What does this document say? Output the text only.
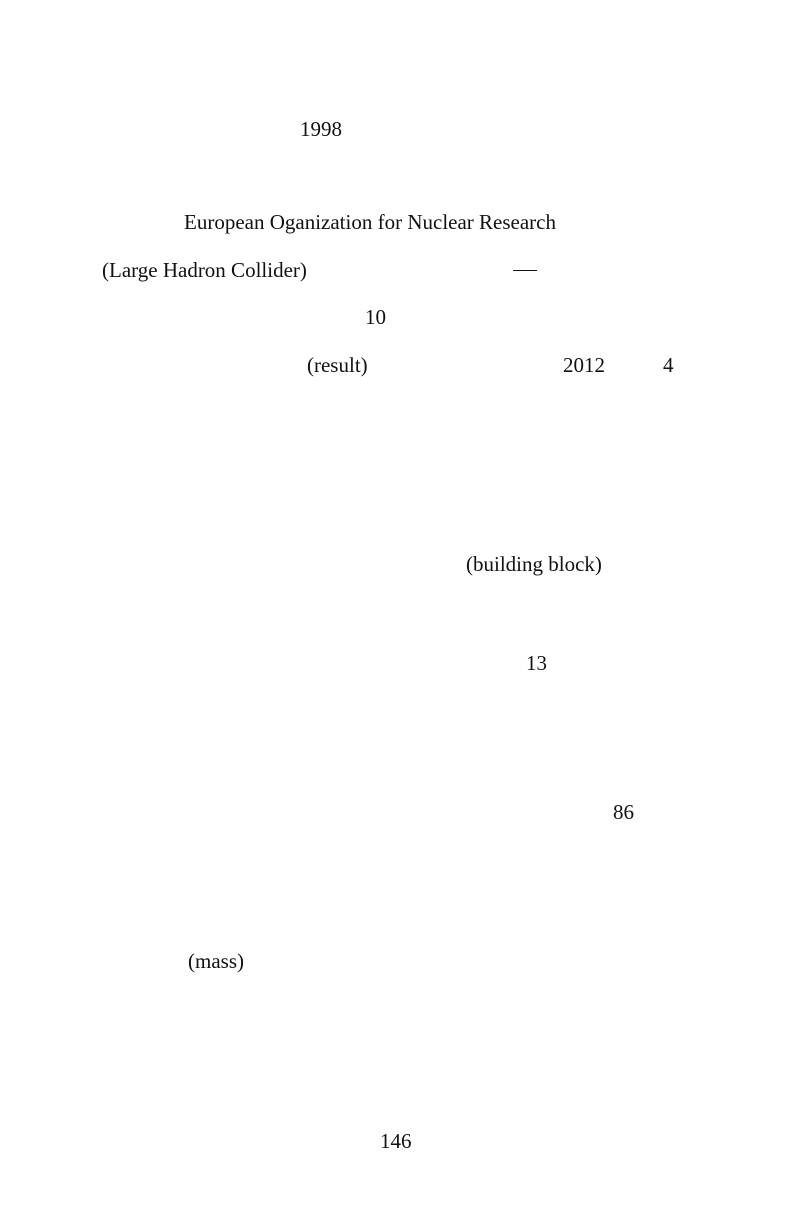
1998
European Oganization for Nuclear Research
(Large Hadron Collider)
10
(result)	2012	4
(building block)
13
86
(mass)
146
